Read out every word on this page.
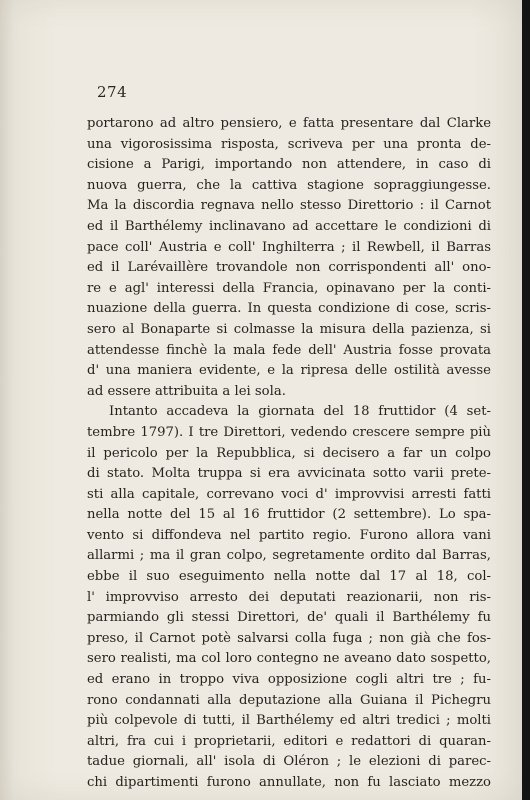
274
portarono ad altro pensiero, e fatta presentare dal Clarke
una vigorosissima risposta, scriveva per una pronta de-
cisione a Parigi, importando non attendere, in caso di
nuova guerra, che la cattiva stagione sopraggiungesse.
Ma la discordia regnava nello stesso Direttorio : il Carnot
ed il Barthélemy inclinavano ad accettare le condizioni di
pace coll' Austria e coll' Inghilterra ; il Rewbell, il Barras
ed il Larévaillère trovandole non corrispondenti all' ono-
re e agl' interessi della Francia, opinavano per la conti-
nuazione della guerra. In questa condizione di cose, scris-
sero al Bonaparte si colmasse la misura della pazienza, si
attendesse finchè la mala fede dell' Austria fosse provata
d' una maniera evidente, e la ripresa delle ostilità avesse
ad essere attribuita a lei sola.
Intanto accadeva la giornata del 18 fruttidor (4 set-
tembre 1797). I tre Direttori, vedendo crescere sempre più
il pericolo per la Repubblica, si decisero a far un colpo
di stato. Molta truppa si era avvicinata sotto varii prete-
sti alla capitale, correvano voci d' improvvisi arresti fatti
nella notte del 15 al 16 fruttidor (2 settembre). Lo spa-
vento si diffondeva nel partito regio. Furono allora vani
allarmi ; ma il gran colpo, segretamente ordito dal Barras,
ebbe il suo eseguimento nella notte dal 17 al 18, col-
l' improvviso arresto dei deputati reazionarii, non ris-
parmiando gli stessi Direttori, de' quali il Barthélemy fu
preso, il Carnot potè salvarsi colla fuga ; non già che fos-
sero realisti, ma col loro contegno ne aveano dato sospetto,
ed erano in troppo viva opposizione cogli altri tre ; fu-
rono condannati alla deputazione alla Guiana il Pichegru
più colpevole di tutti, il Barthélemy ed altri tredici ; molti
altri, fra cui i proprietarii, editori e redattori di quaran-
tadue giornali, all' isola di Oléron ; le elezioni di parec-
chi dipartimenti furono annullate, non fu lasciato mezzo
